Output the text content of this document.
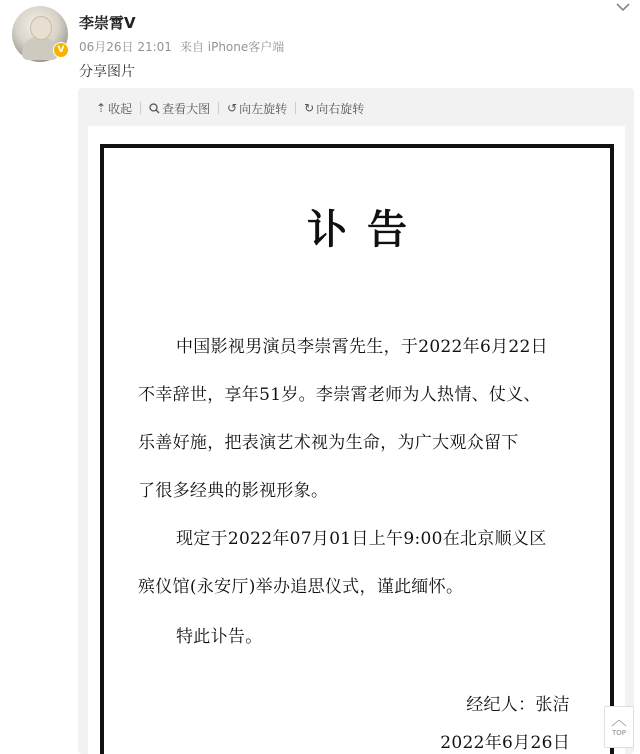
V
李崇霄V
06月26日 21:01 来自 iPhone客户端
分享图片
⇡ 收起	查看大图 ↺ 向左旋转 ↻ 向右旋转
讣告
中国影视男演员李崇霄先生，于2022年6月22日
不幸辞世，享年51岁。李崇霄老师为人热情、仗义、
乐善好施，把表演艺术视为生命，为广大观众留下
了很多经典的影视形象。
现定于2022年07月01日上午9:00在北京顺义区
殡仪馆(永安厅)举办追思仪式，谨此缅怀。
特此讣告。
经纪人：张洁
2022年6月26日
︿
TOP
